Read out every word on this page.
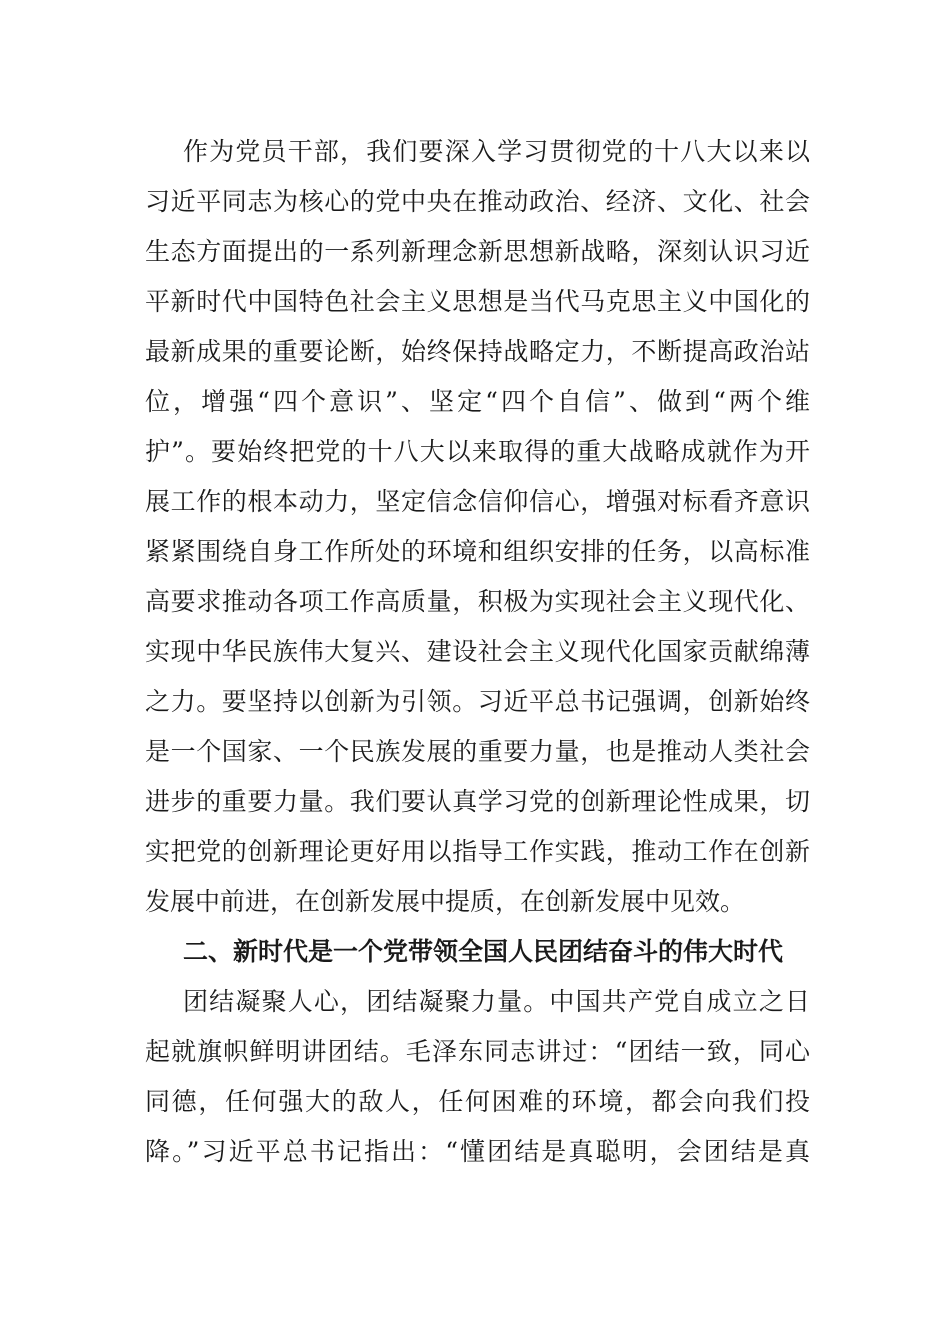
作为党员干部，我们要深入学习贯彻党的十八大以来以
习近平同志为核心的党中央在推动政治、经济、文化、社会
生态方面提出的一系列新理念新思想新战略，深刻认识习近
平新时代中国特色社会主义思想是当代马克思主义中国化的
最新成果的重要论断，始终保持战略定力，不断提高政治站
位，增强“四个意识”、坚定“四个自信”、做到“两个维
护”。要始终把党的十八大以来取得的重大战略成就作为开
展工作的根本动力，坚定信念信仰信心，增强对标看齐意识
紧紧围绕自身工作所处的环境和组织安排的任务，以高标准
高要求推动各项工作高质量，积极为实现社会主义现代化、
实现中华民族伟大复兴、建设社会主义现代化国家贡献绵薄
之力。要坚持以创新为引领。习近平总书记强调，创新始终
是一个国家、一个民族发展的重要力量，也是推动人类社会
进步的重要力量。我们要认真学习党的创新理论性成果，切
实把党的创新理论更好用以指导工作实践，推动工作在创新
发展中前进，在创新发展中提质，在创新发展中见效。
二、新时代是一个党带领全国人民团结奋斗的伟大时代
团结凝聚人心，团结凝聚力量。中国共产党自成立之日
起就旗帜鲜明讲团结。毛泽东同志讲过：“团结一致，同心
同德，任何强大的敌人，任何困难的环境，都会向我们投
降。”习近平总书记指出：“懂团结是真聪明，会团结是真
